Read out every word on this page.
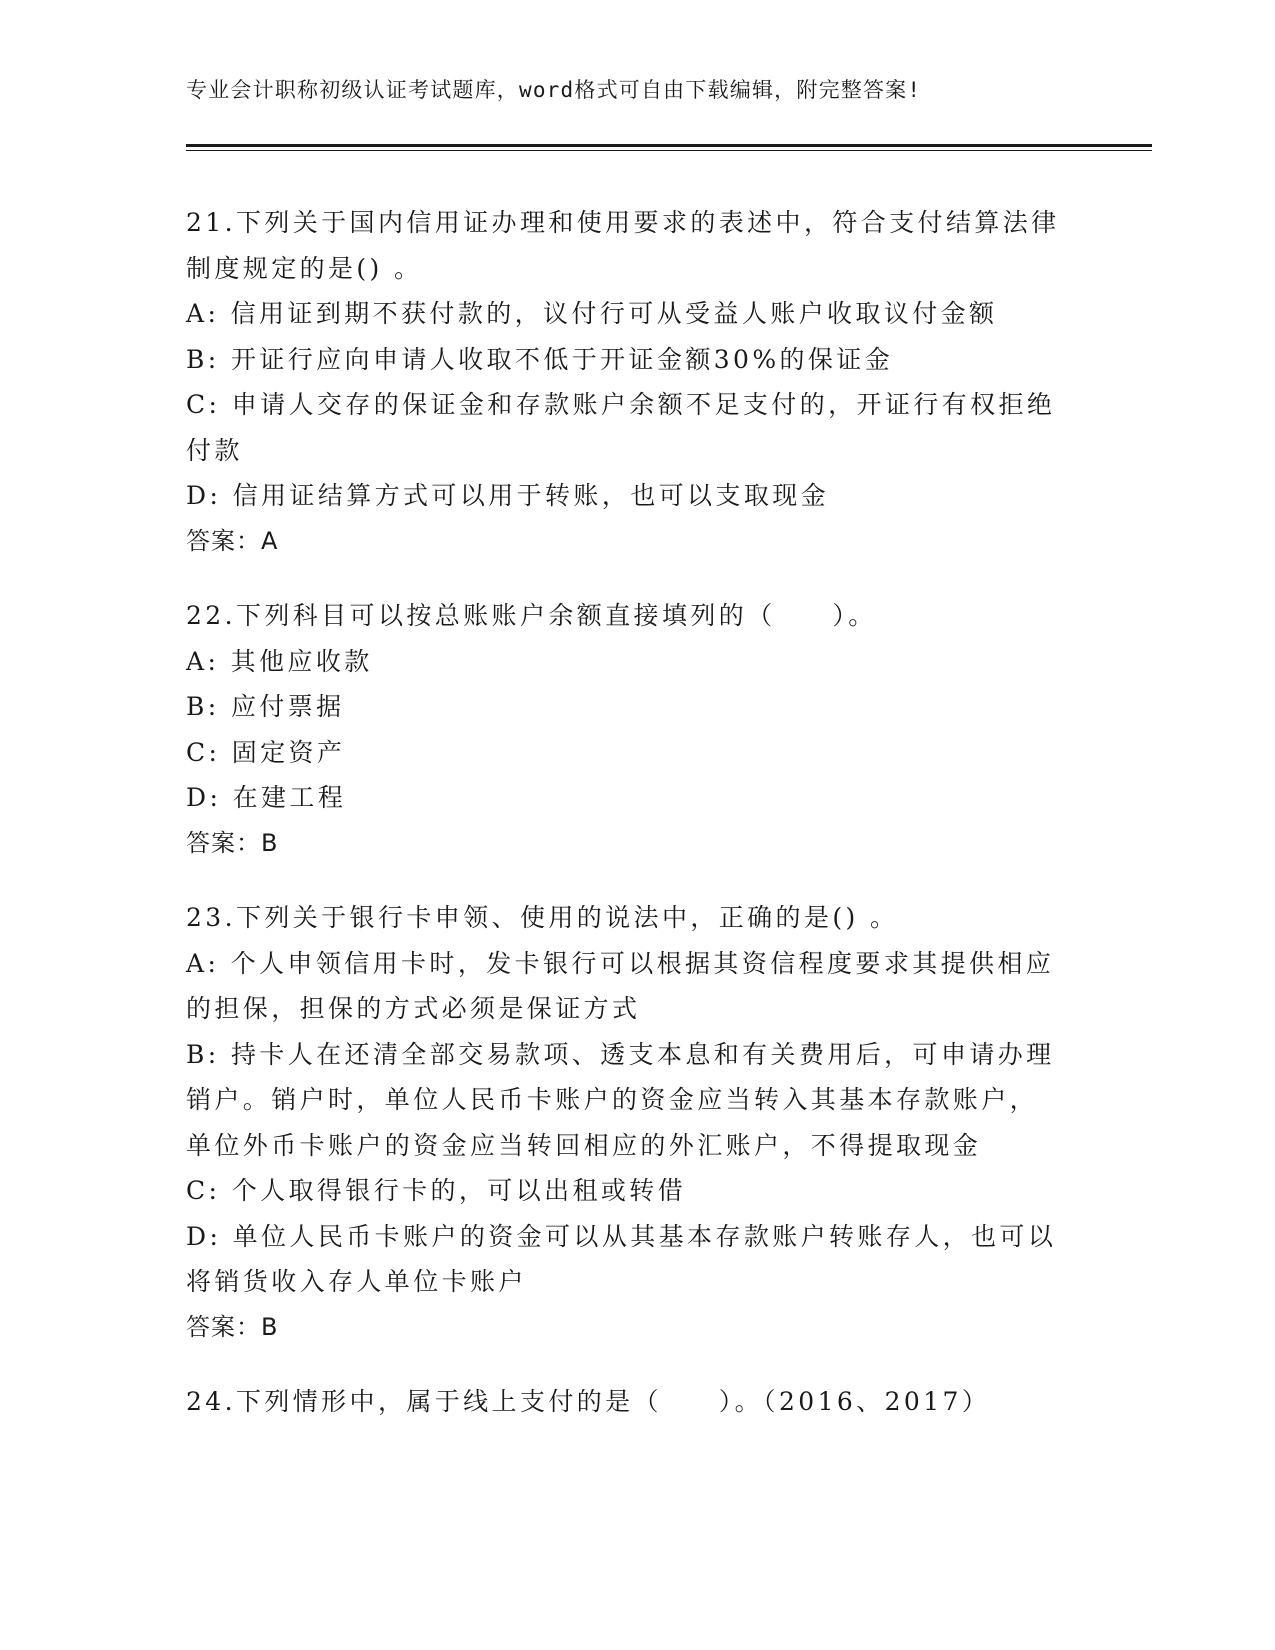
专业会计职称初级认证考试题库，word格式可自由下载编辑，附完整答案!
21.下列关于国内信用证办理和使用要求的表述中，符合支付结算法律
制度规定的是() 。
A: 信用证到期不获付款的，议付行可从受益人账户收取议付金额
B: 开证行应向申请人收取不低于开证金额30%的保证金
C: 申请人交存的保证金和存款账户余额不足支付的，开证行有权拒绝
付款
D: 信用证结算方式可以用于转账，也可以支取现金
答案：A
22.下列科目可以按总账账户余额直接填列的（　　）。
A: 其他应收款
B: 应付票据
C: 固定资产
D: 在建工程
答案：B
23.下列关于银行卡申领、使用的说法中，正确的是() 。
A: 个人申领信用卡时，发卡银行可以根据其资信程度要求其提供相应
的担保，担保的方式必须是保证方式
B: 持卡人在还清全部交易款项、透支本息和有关费用后，可申请办理
销户。销户时，单位人民币卡账户的资金应当转入其基本存款账户，
单位外币卡账户的资金应当转回相应的外汇账户，不得提取现金
C: 个人取得银行卡的，可以出租或转借
D: 单位人民币卡账户的资金可以从其基本存款账户转账存人，也可以
将销货收入存人单位卡账户
答案：B
24.下列情形中，属于线上支付的是（　　）。（2016、2017）
